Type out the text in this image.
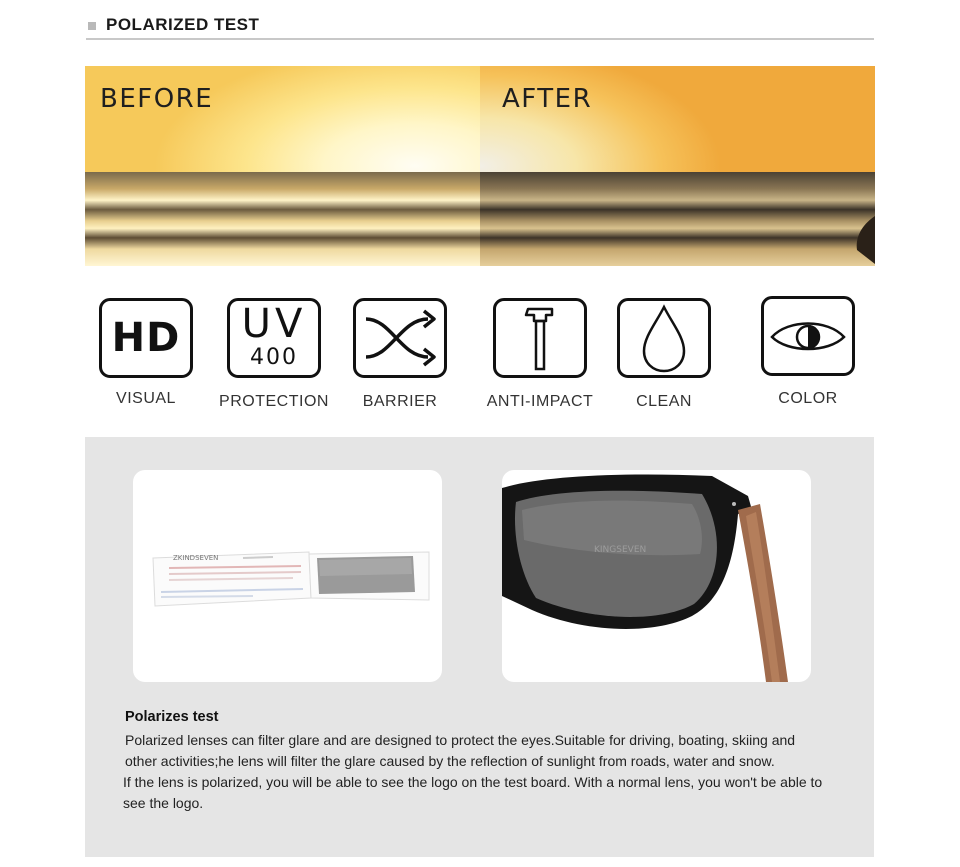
POLARIZED TEST
BEFORE	AFTER
HD
VISUAL
UV
400
PROTECTION	BARRIER	ANTI-IMPACT	CLEAN	COLOR
ZKINDSEVEN
KINGSEVEN
Polarizes test

Polarized lenses can filter glare and are designed to protect the eyes.Suitable for driving, boating, skiing and other activities;he lens will filter the glare caused by the reflection of sunlight from roads, water and snow.

If the lens is polarized, you will be able to see the logo on the test board. With a normal lens, you won't be able to see the logo.
